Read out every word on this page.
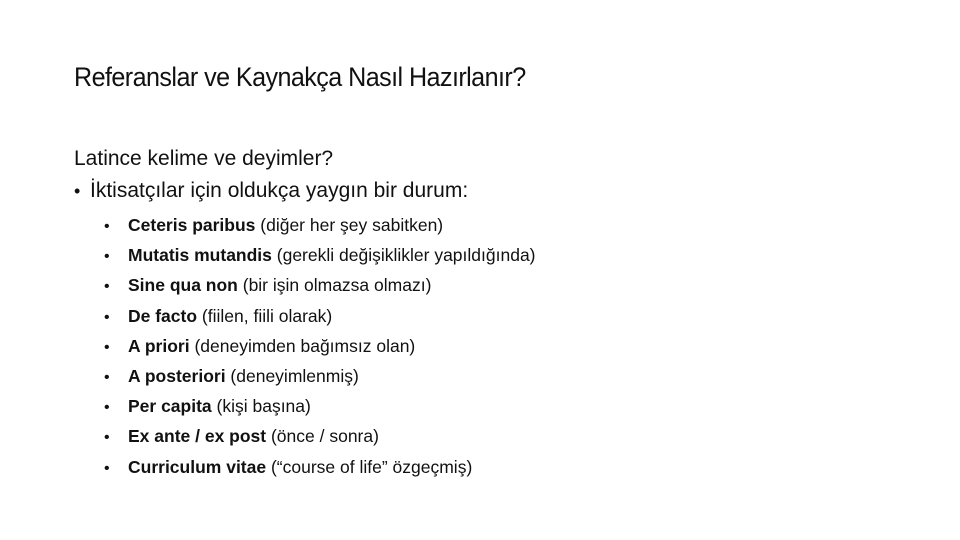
Referanslar ve Kaynakça Nasıl Hazırlanır?
Latince kelime ve deyimler?
• İktisatçılar için oldukça yaygın bir durum:
• Ceteris paribus (diğer her şey sabitken)
• Mutatis mutandis (gerekli değişiklikler yapıldığında)
• Sine qua non (bir işin olmazsa olmazı)
• De facto (fiilen, fiili olarak)
• A priori (deneyimden bağımsız olan)
• A posteriori (deneyimlenmiş)
• Per capita (kişi başına)
• Ex ante / ex post (önce / sonra)
• Curriculum vitae (“course of life” özgeçmiş)
